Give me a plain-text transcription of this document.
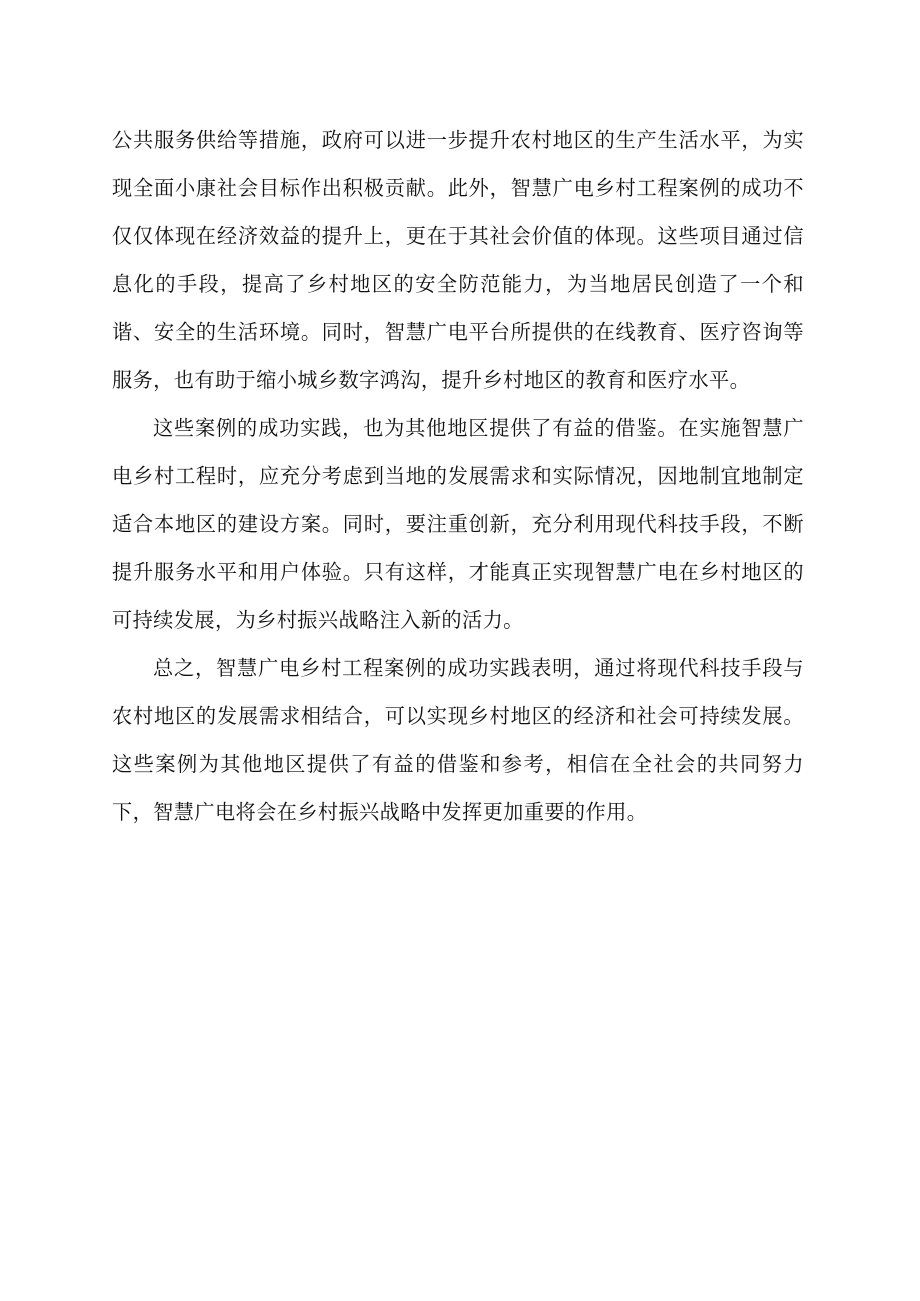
公共服务供给等措施，政府可以进一步提升农村地区的生产生活水平，为实现全面小康社会目标作出积极贡献。此外，智慧广电乡村工程案例的成功不仅仅体现在经济效益的提升上，更在于其社会价值的体现。这些项目通过信息化的手段，提高了乡村地区的安全防范能力，为当地居民创造了一个和谐、安全的生活环境。同时，智慧广电平台所提供的在线教育、医疗咨询等服务，也有助于缩小城乡数字鸿沟，提升乡村地区的教育和医疗水平。

这些案例的成功实践，也为其他地区提供了有益的借鉴。在实施智慧广电乡村工程时，应充分考虑到当地的发展需求和实际情况，因地制宜地制定适合本地区的建设方案。同时，要注重创新，充分利用现代科技手段，不断提升服务水平和用户体验。只有这样，才能真正实现智慧广电在乡村地区的可持续发展，为乡村振兴战略注入新的活力。

总之，智慧广电乡村工程案例的成功实践表明，通过将现代科技手段与农村地区的发展需求相结合，可以实现乡村地区的经济和社会可持续发展。这些案例为其他地区提供了有益的借鉴和参考，相信在全社会的共同努力下，智慧广电将会在乡村振兴战略中发挥更加重要的作用。
